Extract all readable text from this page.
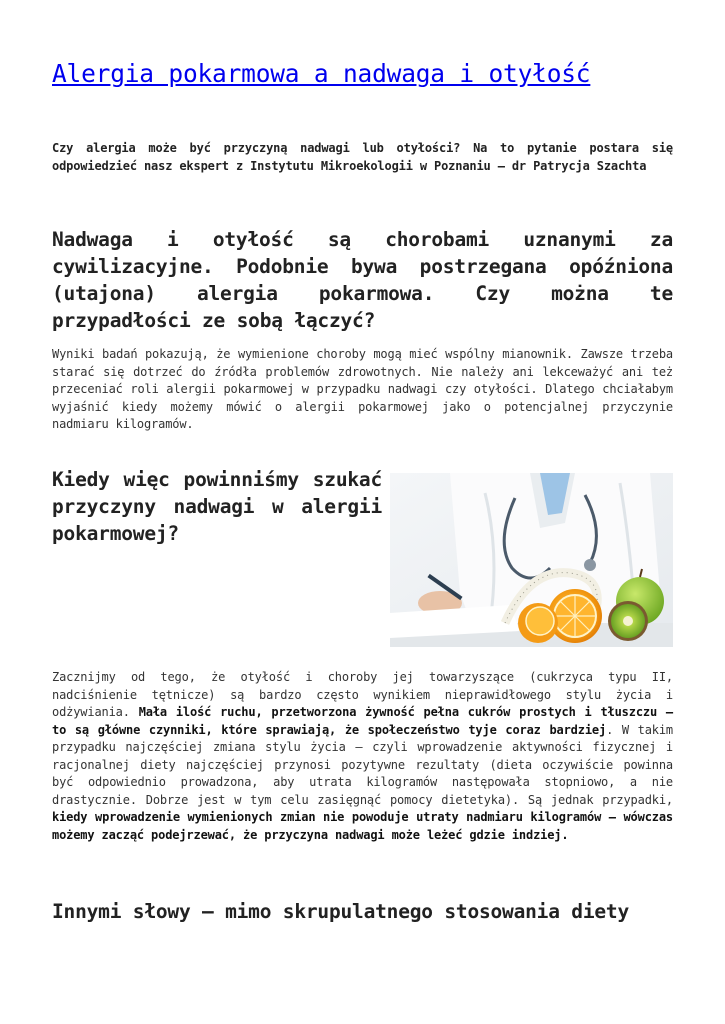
Alergia pokarmowa a nadwaga i otyłość

Czy alergia może być przyczyną nadwagi lub otyłości? Na to pytanie postara się odpowiedzieć nasz ekspert z Instytutu Mikroekologii w Poznaniu – dr Patrycja Szachta

Nadwaga i otyłość są chorobami uznanymi za cywilizacyjne. Podobnie bywa postrzegana opóźniona (utajona) alergia pokarmowa. Czy można te przypadłości ze sobą łączyć?

Wyniki badań pokazują, że wymienione choroby mogą mieć wspólny mianownik. Zawsze trzeba starać się dotrzeć do źródła problemów zdrowotnych. Nie należy ani lekceważyć ani też przeceniać roli alergii pokarmowej w przypadku nadwagi czy otyłości. Dlatego chciałabym wyjaśnić kiedy możemy mówić o alergii pokarmowej jako o potencjalnej przyczynie nadmiaru kilogramów.

Kiedy więc powinniśmy szukać przyczyny nadwagi w alergii pokarmowej?

Zacznijmy od tego, że otyłość i choroby jej towarzyszące (cukrzyca typu II, nadciśnienie tętnicze) są bardzo często wynikiem nieprawidłowego stylu życia i odżywiania. Mała ilość ruchu, przetworzona żywność pełna cukrów prostych i tłuszczu – to są główne czynniki, które sprawiają, że społeczeństwo tyje coraz bardziej. W takim przypadku najczęściej zmiana stylu życia – czyli wprowadzenie aktywności fizycznej i racjonalnej diety najczęściej przynosi pozytywne rezultaty (dieta oczywiście powinna być odpowiednio prowadzona, aby utrata kilogramów następowała stopniowo, a nie drastycznie. Dobrze jest w tym celu zasięgnąć pomocy dietetyka). Są jednak przypadki, kiedy wprowadzenie wymienionych zmian nie powoduje utraty nadmiaru kilogramów – wówczas możemy zacząć podejrzewać, że przyczyna nadwagi może leżeć gdzie indziej.

Innymi słowy – mimo skrupulatnego stosowania diety
